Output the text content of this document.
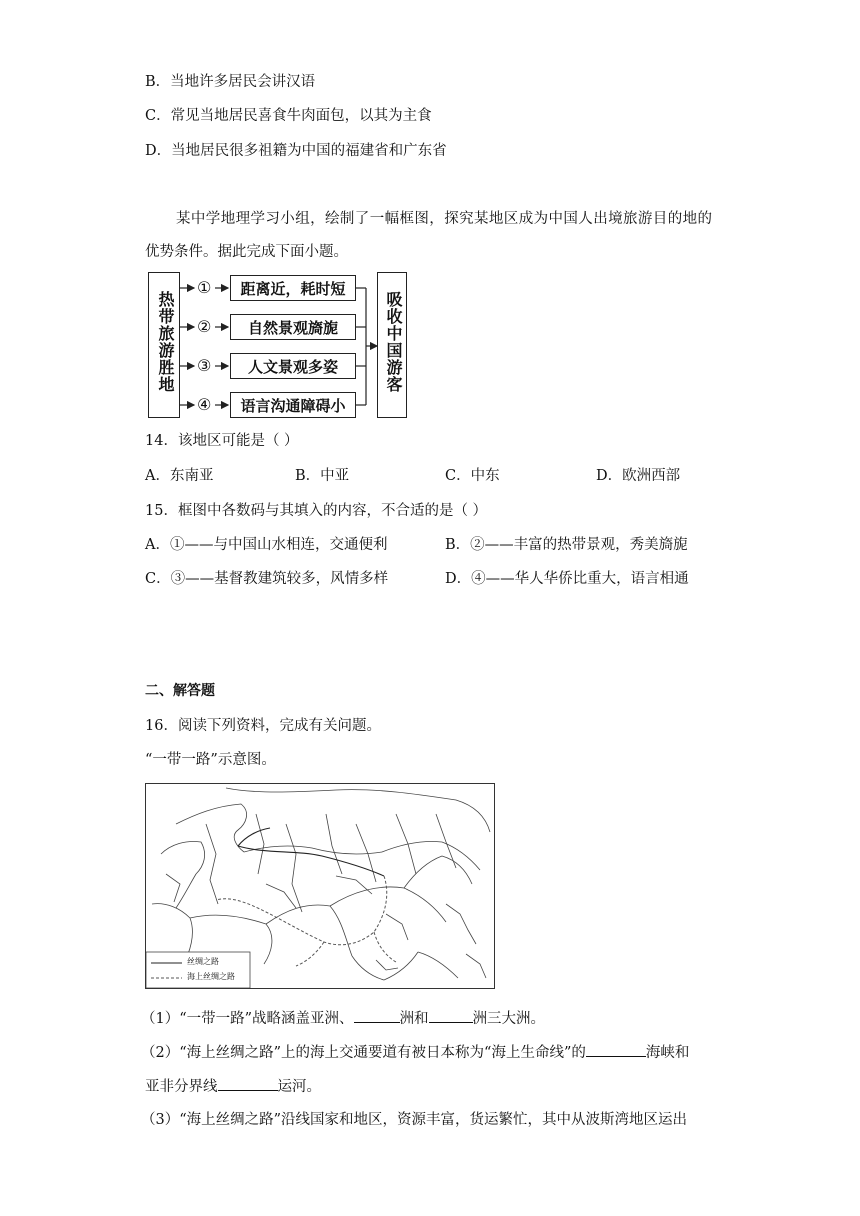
B．当地许多居民会讲汉语
C．常见当地居民喜食牛肉面包，以其为主食
D．当地居民很多祖籍为中国的福建省和广东省
某中学地理学习小组，绘制了一幅框图，探究某地区成为中国人出境旅游目的地的
优势条件。据此完成下面小题。
热带旅游胜地
①
②
③
④
距离近，耗时短
自然景观旖旎
人文景观多姿
语言沟通障碍小
吸收中国游客
14．该地区可能是（ ）
A．东南亚	B．中亚	C．中东	D．欧洲西部
15．框图中各数码与其填入的内容，不合适的是（ ）
A．①——与中国山水相连，交通便利	B．②——丰富的热带景观，秀美旖旎
C．③——基督教建筑较多，风情多样	D．④——华人华侨比重大，语言相通
二、解答题
16．阅读下列资料，完成有关问题。
“一带一路”示意图。
丝绸之路
海上丝绸之路
（1）“一带一路”战略涵盖亚洲、	洲和	洲三大洲。
（2）“海上丝绸之路”上的海上交通要道有被日本称为“海上生命线”的	海峡和
亚非分界线	运河。
（3）“海上丝绸之路”沿线国家和地区，资源丰富，货运繁忙，其中从波斯湾地区运出
